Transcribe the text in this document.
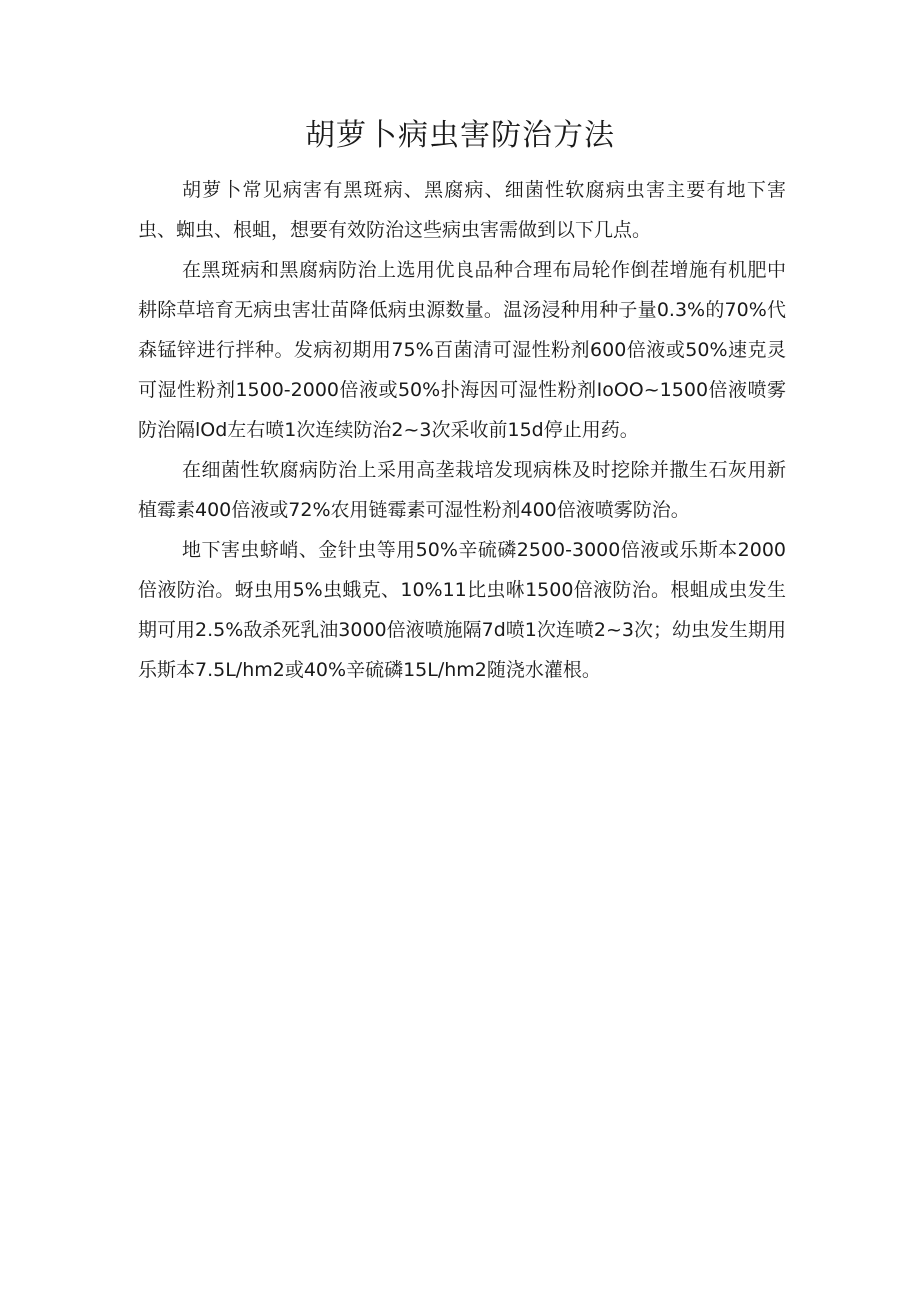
胡萝卜病虫害防治方法

胡萝卜常见病害有黑斑病、黑腐病、细菌性软腐病虫害主要有地下害虫、蜘虫、根蛆，想要有效防治这些病虫害需做到以下几点。

在黑斑病和黑腐病防治上选用优良品种合理布局轮作倒茬增施有机肥中耕除草培育无病虫害壮苗降低病虫源数量。温汤浸种用种子量0.3%的70%代森锰锌进行拌种。发病初期用75%百菌清可湿性粉剂600倍液或50%速克灵可湿性粉剂1500-2000倍液或50%扑海因可湿性粉剂IoOO~1500倍液喷雾防治隔lOd左右喷1次连续防治2~3次采收前15d停止用药。

在细菌性软腐病防治上采用高垄栽培发现病株及时挖除并撒生石灰用新植霉素400倍液或72%农用链霉素可湿性粉剂400倍液喷雾防治。

地下害虫蛴峭、金针虫等用50%辛硫磷2500-3000倍液或乐斯本2000倍液防治。蚜虫用5%虫蛾克、10%11比虫咻1500倍液防治。根蛆成虫发生期可用2.5%敌杀死乳油3000倍液喷施隔7d喷1次连喷2~3次；幼虫发生期用乐斯本7.5L∕hm2或40%辛硫磷15L∕hm2随浇水灌根。
